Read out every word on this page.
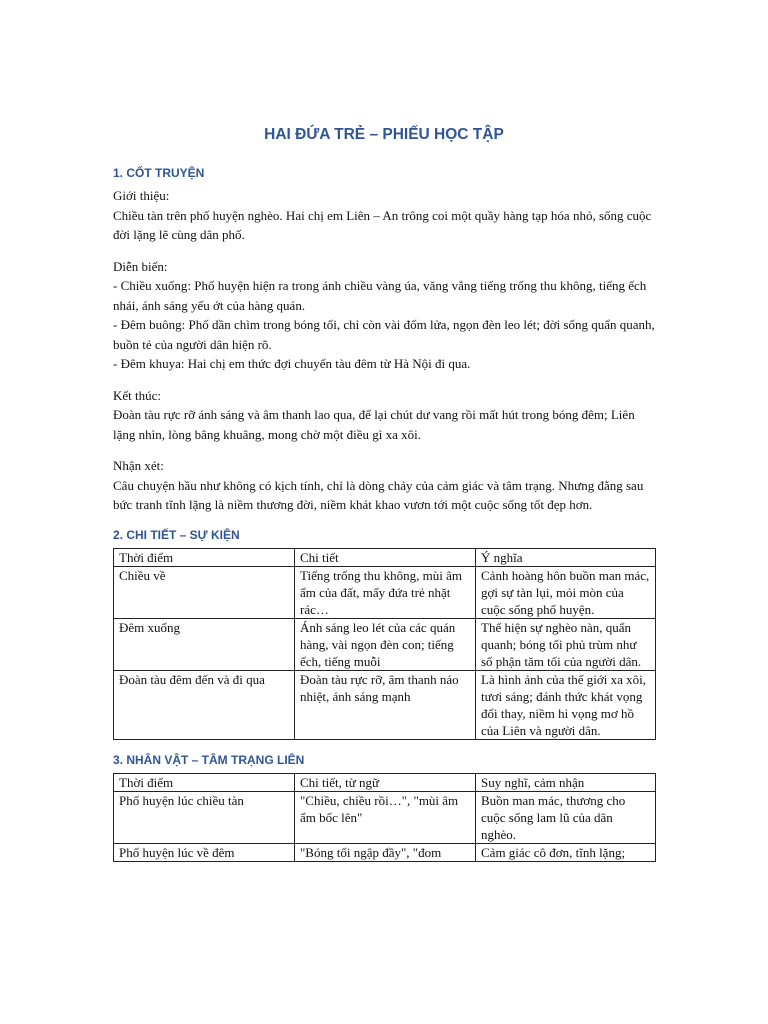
HAI ĐỨA TRẺ – PHIẾU HỌC TẬP
1. CỐT TRUYỆN

Giới thiệu:

Chiều tàn trên phố huyện nghèo. Hai chị em Liên – An trông coi một quầy hàng tạp hóa nhỏ, sống cuộc đời lặng lẽ cùng dân phố.

Diễn biến:

- Chiều xuống: Phố huyện hiện ra trong ánh chiều vàng úa, văng vẳng tiếng trống thu không, tiếng ếch nhái, ánh sáng yếu ớt của hàng quán.

- Đêm buông: Phố dần chìm trong bóng tối, chỉ còn vài đốm lửa, ngọn đèn leo lét; đời sống quẩn quanh, buồn tẻ của người dân hiện rõ.

- Đêm khuya: Hai chị em thức đợi chuyến tàu đêm từ Hà Nội đi qua.

Kết thúc:

Đoàn tàu rực rỡ ánh sáng và âm thanh lao qua, để lại chút dư vang rồi mất hút trong bóng đêm; Liên lặng nhìn, lòng bâng khuâng, mong chờ một điều gì xa xôi.

Nhận xét:

Câu chuyện hầu như không có kịch tính, chỉ là dòng chảy của cảm giác và tâm trạng. Nhưng đằng sau bức tranh tĩnh lặng là niềm thương đời, niềm khát khao vươn tới một cuộc sống tốt đẹp hơn.

2. CHI TIẾT – SỰ KIỆN
Thời điểm	Chi tiết	Ý nghĩa
Chiều về	Tiếng trống thu không, mùi âm ẩm của đất, mấy đứa trẻ nhặt rác…	Cảnh hoàng hôn buồn man mác, gợi sự tàn lụi, mỏi mòn của cuộc sống phố huyện.
Đêm xuống	Ánh sáng leo lét của các quán hàng, vài ngọn đèn con; tiếng ếch, tiếng muỗi	Thể hiện sự nghèo nàn, quẩn quanh; bóng tối phủ trùm như số phận tăm tối của người dân.
Đoàn tàu đêm đến và đi qua	Đoàn tàu rực rỡ, âm thanh náo nhiệt, ánh sáng mạnh	Là hình ảnh của thế giới xa xôi, tươi sáng; đánh thức khát vọng đổi thay, niềm hi vọng mơ hồ của Liên và người dân.
3. NHÂN VẬT – TÂM TRẠNG LIÊN
Thời điểm	Chi tiết, từ ngữ	Suy nghĩ, cảm nhận
Phố huyện lúc chiều tàn	"Chiều, chiều rồi…", "mùi âm ẩm bốc lên"	Buồn man mác, thương cho cuộc sống lam lũ của dân nghèo.

Phố huyện lúc về đêm	"Bóng tối ngập đầy", "đom	Cảm giác cô đơn, tĩnh lặng;
